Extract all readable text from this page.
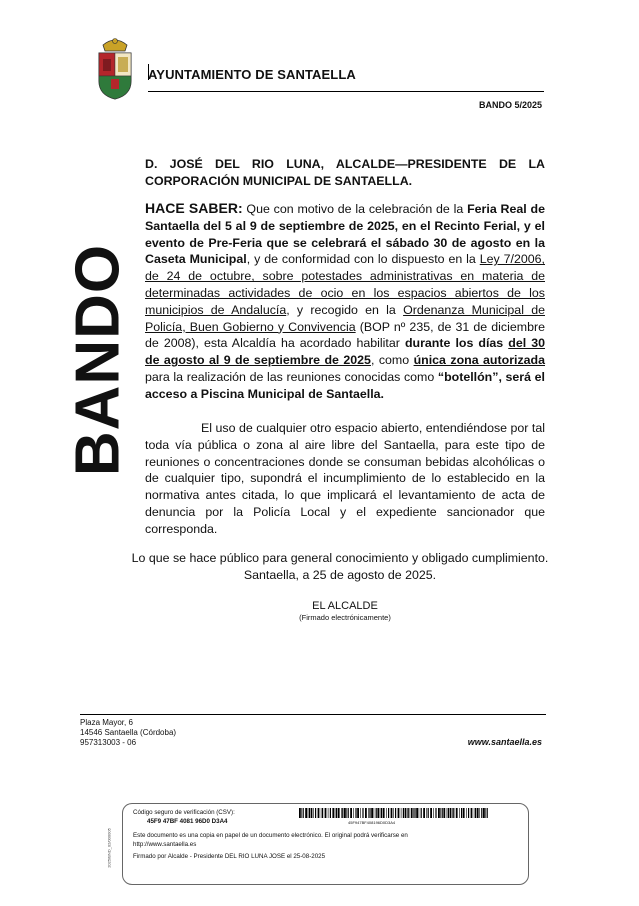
AYUNTAMIENTO DE SANTAELLA
BANDO 5/2025
BANDO
D. JOSÉ DEL RIO LUNA, ALCALDE—PRESIDENTE DE LA CORPORACIÓN MUNICIPAL DE SANTAELLA.
HACE SABER: Que con motivo de la celebración de la Feria Real de Santaella del 5 al 9 de septiembre de 2025, en el Recinto Ferial, y el evento de Pre-Feria que se celebrará el sábado 30 de agosto en la Caseta Municipal, y de conformidad con lo dispuesto en la Ley 7/2006, de 24 de octubre, sobre potestades administrativas en materia de determinadas actividades de ocio en los espacios abiertos de los municipios de Andalucía, y recogido en la Ordenanza Municipal de Policía, Buen Gobierno y Convivencia (BOP nº 235, de 31 de diciembre de 2008), esta Alcaldía ha acordado habilitar durante los días del 30 de agosto al 9 de septiembre de 2025, como única zona autorizada para la realización de las reuniones conocidas como “botellón”, será el acceso a Piscina Municipal de Santaella.
El uso de cualquier otro espacio abierto, entendiéndose por tal toda vía pública o zona al aire libre del Santaella, para este tipo de reuniones o concentraciones donde se consuman bebidas alcohólicas o de cualquier tipo, supondrá el incumplimiento de lo establecido en la normativa antes citada, lo que implicará el levantamiento de acta de denuncia por la Policía Local y el expediente sancionador que corresponda.
Lo que se hace público para general conocimiento y obligado cumplimiento.
Santaella, a 25 de agosto de 2025.
EL ALCALDE
(Firmado electrónicamente)
Plaza Mayor, 6
14546 Santaella (Córdoba)
957313003 - 06	www.santaella.es
2025/BND_02/000005
45F947BF408196D0D3A4
Código seguro de verificación (CSV):
45F9 47BF 4081 96D0 D3A4
Este documento es una copia en papel de un documento electrónico. El original podrá verificarse en
http://www.santaella.es
Firmado por Alcalde - Presidente DEL RIO LUNA JOSE el 25-08-2025
